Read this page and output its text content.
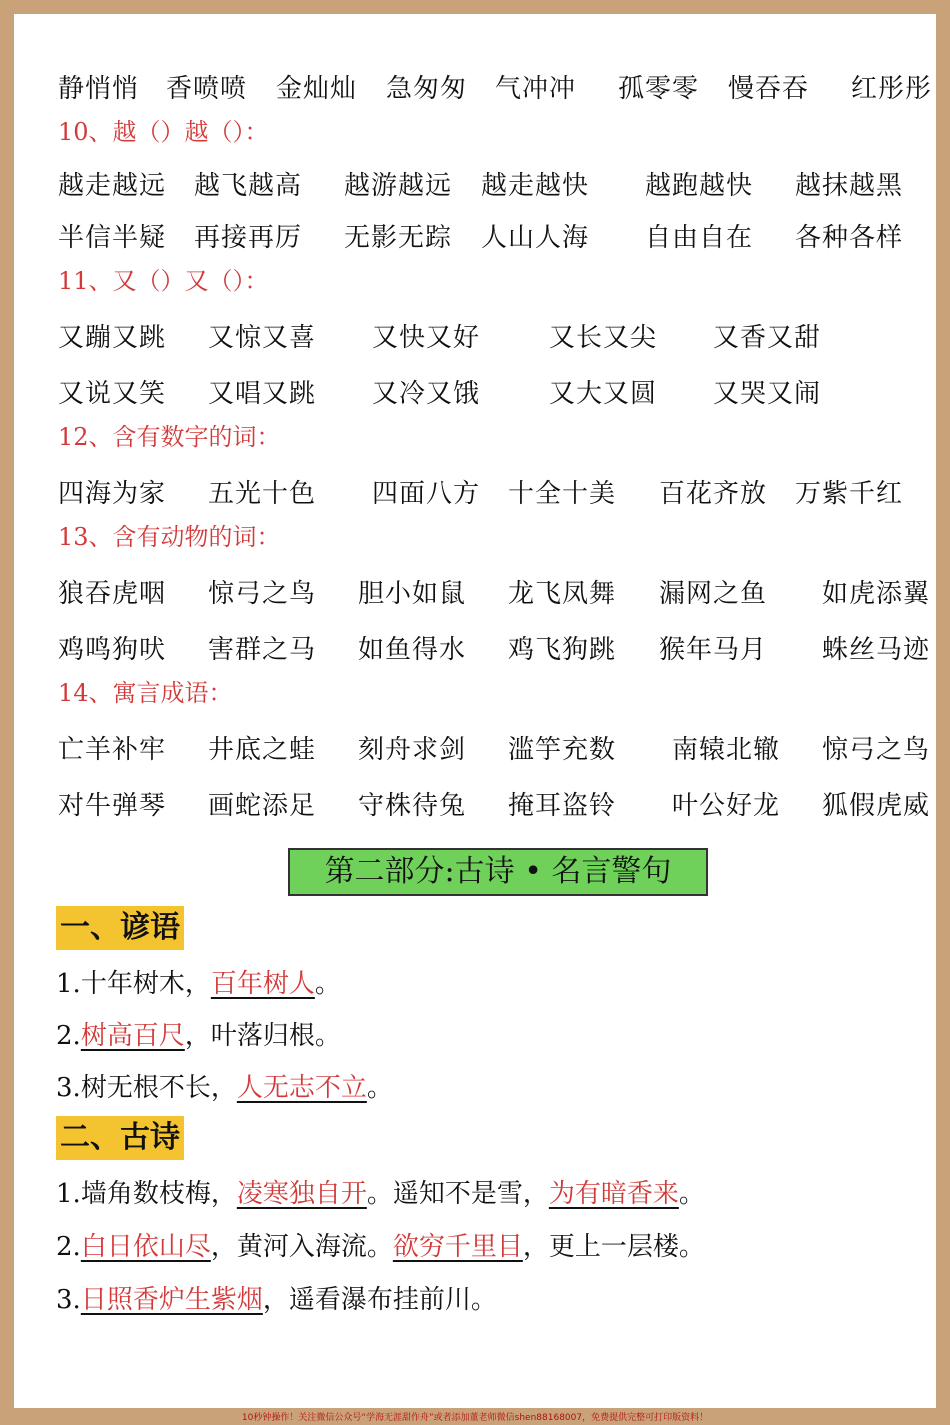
静悄悄 香喷喷 金灿灿 急匆匆 气冲冲 孤零零 慢吞吞 红彤彤
10、越（）越（）：
越走越远 越飞越高 越游越远 越走越快 越跑越快 越抹越黑
半信半疑 再接再厉 无影无踪 人山人海 自由自在 各种各样
11、又（）又（）：
又蹦又跳 又惊又喜 又快又好	又长又尖 又香又甜
又说又笑 又唱又跳 又冷又饿	又大又圆 又哭又闹
12、含有数字的词：
四海为家 五光十色 四面八方 十全十美 百花齐放 万紫千红
13、含有动物的词：
狼吞虎咽 惊弓之鸟 胆小如鼠 龙飞凤舞 漏网之鱼 如虎添翼
鸡鸣狗吠 害群之马 如鱼得水 鸡飞狗跳 猴年马月 蛛丝马迹
14、寓言成语：
亡羊补牢 井底之蛙 刻舟求剑 滥竽充数 南辕北辙 惊弓之鸟
对牛弹琴 画蛇添足 守株待兔 掩耳盗铃 叶公好龙 狐假虎威
第二部分:古诗 • 名言警句
一、谚语
1.十年树木，百年树人。
2.树高百尺，叶落归根。
3.树无根不长，人无志不立。
二、古诗
1.墙角数枝梅，凌寒独自开。遥知不是雪，为有暗香来。
2.白日依山尽，黄河入海流。欲穷千里目，更上一层楼。
3.日照香炉生紫烟，遥看瀑布挂前川。
10秒钟操作！关注微信公众号“学海无涯甜作舟”或者添加董老师微信shen88168007，免费提供完整可打印版资料！
